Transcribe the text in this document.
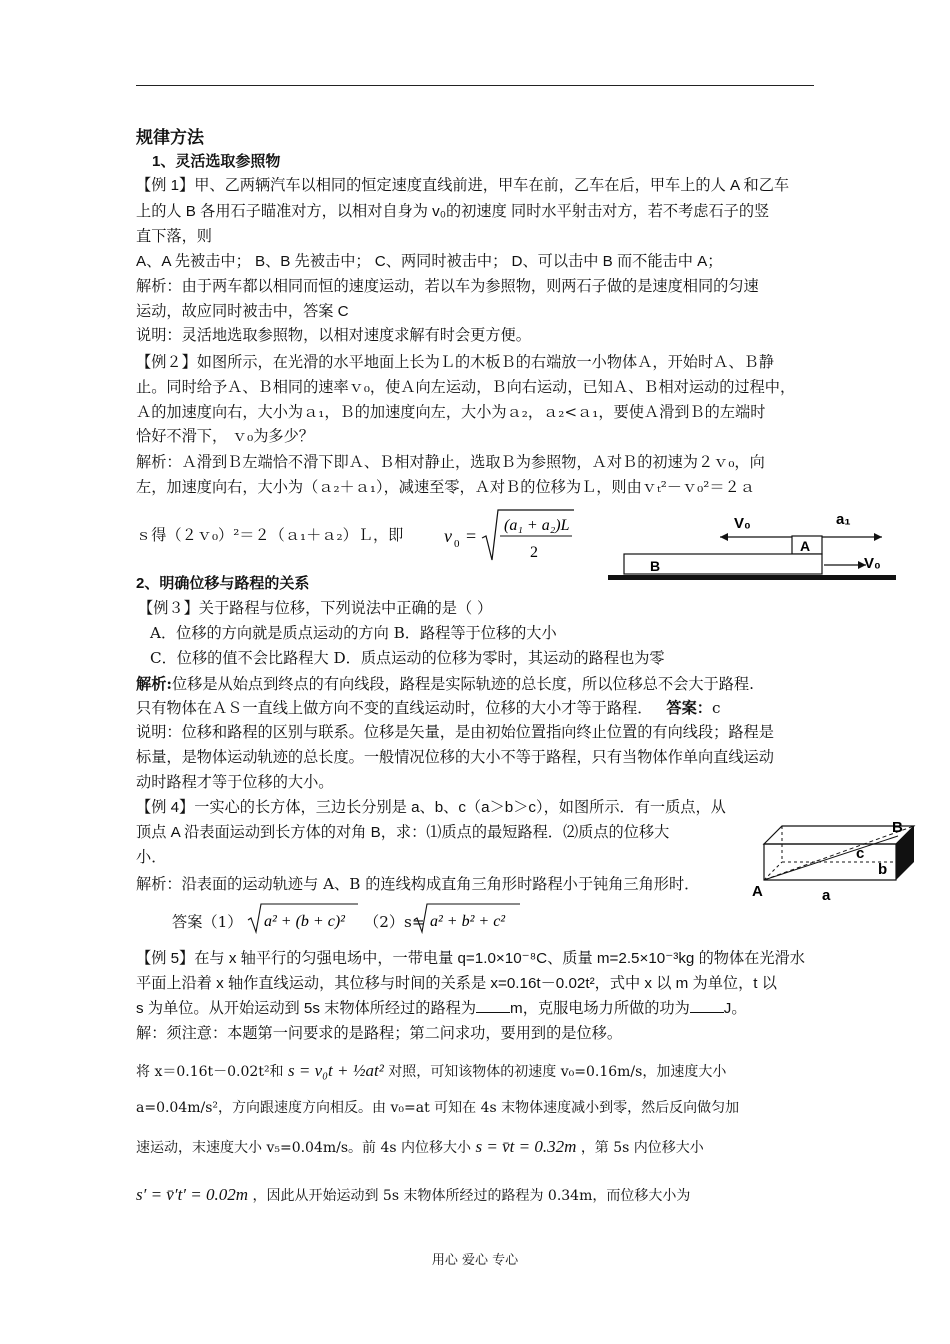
规律方法
1、灵活选取参照物
【例 1】甲、乙两辆汽车以相同的恒定速度直线前进，甲车在前，乙车在后，甲车上的人 A 和乙车
上的人 B 各用石子瞄准对方，以相对自身为 v₀的初速度 同时水平射击对方，若不考虑石子的竖
直下落，则
A、A 先被击中； B、B 先被击中； C、两同时被击中； D、可以击中 B 而不能击中 A；
解析：由于两车都以相同而恒的速度运动，若以车为参照物，则两石子做的是速度相同的匀速
运动，故应同时被击中，答案 C
说明：灵活地选取参照物，以相对速度求解有时会更方便。
【例２】如图所示，在光滑的水平地面上长为Ｌ的木板Ｂ的右端放一小物体Ａ，开始时Ａ、Ｂ静
止。同时给予Ａ、Ｂ相同的速率ｖ₀，使Ａ向左运动，Ｂ向右运动，已知Ａ、Ｂ相对运动的过程中，
Ａ的加速度向右，大小为ａ₁，Ｂ的加速度向左，大小为ａ₂，ａ₂<ａ₁，要使Ａ滑到Ｂ的左端时
恰好不滑下， ｖ₀为多少？
解析：Ａ滑到Ｂ左端恰不滑下即Ａ、Ｂ相对静止，选取Ｂ为参照物，Ａ对Ｂ的初速为２ｖ₀，向
左，加速度向右，大小为（ａ₂＋ａ₁），减速至零，Ａ对Ｂ的位移为Ｌ，则由ｖₜ²－ｖ₀²＝２ａ
ｓ得（２ｖ₀）²＝２（ａ₁＋ａ₂）Ｌ，即 v 0 =
(a₁ + a₂)L
2
V₀	a₁
A
V₀
B
2、明确位移与路程的关系
【例３】关于路程与位移，下列说法中正确的是（ ）
A．位移的方向就是质点运动的方向 B．路程等于位移的大小
C．位移的值不会比路程大 D．质点运动的位移为零时，其运动的路程也为零
解析:位移是从始点到终点的有向线段，路程是实际轨迹的总长度，所以位移总不会大于路程.
只有物体在ＡＳ一直线上做方向不变的直线运动时，位移的大小才等于路程． 答案：c
说明：位移和路程的区别与联系。位移是矢量，是由初始位置指向终止位置的有向线段；路程是
标量，是物体运动轨迹的总长度。一般情况位移的大小不等于路程，只有当物体作单向直线运动
动时路程才等于位移的大小。
【例 4】一实心的长方体，三边长分别是 a、b、c（a＞b＞c），如图所示．有一质点，从
顶点 A 沿表面运动到长方体的对角 B，求：⑴质点的最短路程．⑵质点的位移大
小．
解析：沿表面的运动轨迹与 A、B 的连线构成直角三角形时路程小于钝角三角形时．
B
c
b
A	a
答案（1） a² + (b + c)² （2）s= a² + b² + c²
【例 5】在与 x 轴平行的匀强电场中，一带电量 q=1.0×10⁻⁸C、质量 m=2.5×10⁻³kg 的物体在光滑水
平面上沿着 x 轴作直线运动，其位移与时间的关系是 x=0.16t－0.02t²，式中 x 以 m 为单位，t 以
s 为单位。从开始运动到 5s 末物体所经过的路程为 m，克服电场力所做的功为 J。
解：须注意：本题第一问要求的是路程；第二问求功，要用到的是位移。
将 x＝0.16t－0.02t²和 s = v₀t + ½at² 对照，可知该物体的初速度 v₀=0.16m/s，加速度大小
a=0.04m/s²，方向跟速度方向相反。由 v₀=at 可知在 4s 末物体速度减小到零，然后反向做匀加
速运动，末速度大小 v₅=0.04m/s。前 4s 内位移大小 s = v̄t = 0.32m ，第 5s 内位移大小
s′ = v̄′t′ = 0.02m ，因此从开始运动到 5s 末物体所经过的路程为 0.34m，而位移大小为
用心 爱心 专心
